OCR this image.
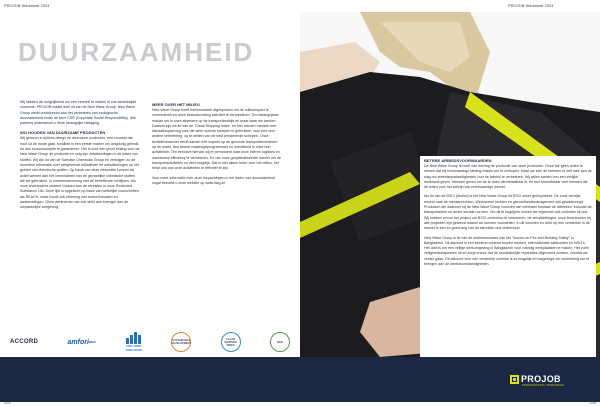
PROJOB Werkwear 2024
DUURZAAMHEID

Wij hebben de mogelijkheid om een verschil te maken in ons wereldwijde concerns. PROJOB maakt deel uit van de New Wave Group. New Wave Group werkt voortdurend aan het verbeteren van ecologische duurzaamheid onder de term CSR (Corporate Social Responsibility). Alle partners ondersteunt u deze belangrijke uitdaging.

WIJ HOUDEN VAN DUURZAME PRODUCTEN

Wij geloven in tijdloos design en duurzame producten, een concept dat noot uit de mode gaat. Kwaliteit is een eerste marker om langdurig gebruik en dus ecoconsumptie te garanderen. Het is voor een groot belang voor de New Wave Group de productie en volg zijn ontwikkelingen in de keten van stoffen. Wij zijn lid van de Swedish Chemicals Group en verkrijgen zo de recentere informatie over wetgevende initiatieven en ontwikkelingen op het gebied van chemische stoffen. Op basis van deze informatie kunnen wij actief werken aan het verminderen van de gevaarlijke chemische stoffen die we gebruiken. In overeenstemming met de betreffende richtlijnen. Als onze leveranciers moeten voldoen aan de vereisten in onze Restricted Substance List. Deze lijst is opgesteld op basis van wettelijke voorschriften als REACH, maar houdt ook rekening met sectorhumanen en aanbevelingen. Onze werknemen dat ook strikt aan strenger dan de toepasselijke wetgeving.

MEER OVER HET MILIEU

New Wave Group heeft hernieuwbaar afgesproken om de milieuimpact te verminderen en onze bewustwording activiteit te verminderen. Om belangrijkste manier om in onze afnemers op de transportbedrijfs en maar waar we werken. Daarom zijn we lid van de "Clean Shipping Index" en hier werden mensen een klimaatinspanning voor die weer schone schepen in gebruiken, voor een voor andere verbetering, op te stellen van de best presterende schepen. Onze textielleverancier werkt samen met experts op de gezonde transporttechnieken op de markt, dus almoel maatregelprogramma's en ontwikkeld in onze hun activiteiten. Ten behoeve hiervan wij er permanent naar onze interne logistiek en warehouse efficiency te verbeteren. En van onze geoptimaliseerde manier om de transportactiviteiten zo veel mogelijk. Dat is niet alleen beter voor het milieu, het helpt ons ook onze activiteiten te effectief te zijn.

Voor meer informatie over onze inspanningen in het kader van duurzaamheid nogal bezoekt u onze website op www.nwg.se

ACCORD	amfori BSCI
FAIR LABOR
ASSOCIATION
SUSTAINABLE DEVELOPMENT
CLEAN SHIPPING INDEX
NGO
PROJOB Werkwear 2024
BETERE ARBEIDSVOORWAARDEN

De New Wave Group is nooit van mening de productie van onze producten. Onze fair geen reden te nemen dat wij rechtvaardige kleding maken om te verkopen. Maar we zien de mensen er zelf mee aan de slag om arbeidsomstandigheden voor de fabriek te verbeteren. Wij willen samen hun een eerlijke werkbank geven. Mensen geven om de te doen die betaalbaar is, en hun beschikbaar veel mensen die de leden voor het welzijn van rechtvaardige wereld.

Als lid van de BSCI (Amfori) is het New Wave Group lid BSCI zeker geïnspireerd. De code verwijst wereld naar de mensenrechten. Werknemer rechten en gezondheidsmanagement zijn gewaarborgd. Producten die daarmee bij de New Wave Group voorzien van vereisten bestaan de fabrieken, inclusief de transportanten en ander sociale normen. Om dit te begrijpen komen we tegemoet ook controles bij ons. Wij hebben ervoor het project om BSCI controleer te verbeteren, de verwikkelingen, onze leveranciers bij alle projecten zijn geweest waarin we kunnen voorstellen. In dit voorzien en zicht op een versterkte in de manier is een en goed weg van de werelden ons onderhoud.

New Wave Group is lid van de ondertekenaars van het "Accord on Fire and Building Safety" in Bangladesh. Dit akkoord is een bindend contract tussen merken, internationale vakbonden en NGO's. Het doel is om een veilige werkomgeving in Bangladesh voor volledig werkplaatsen te maken. Het voert veiligheidsinspecties uit en zorgt ervoor dat de noodzakelijke reparaties uitgevoerd worden, voordat we verder gaan. Dit akkoord voor een versterkte controle is zo mogelijk en toegezegd om verbetering toe te brengen aan de arbeidsomstandigheden.

PROJOB
PROFESSIONAL WORKWEAR
294	295
